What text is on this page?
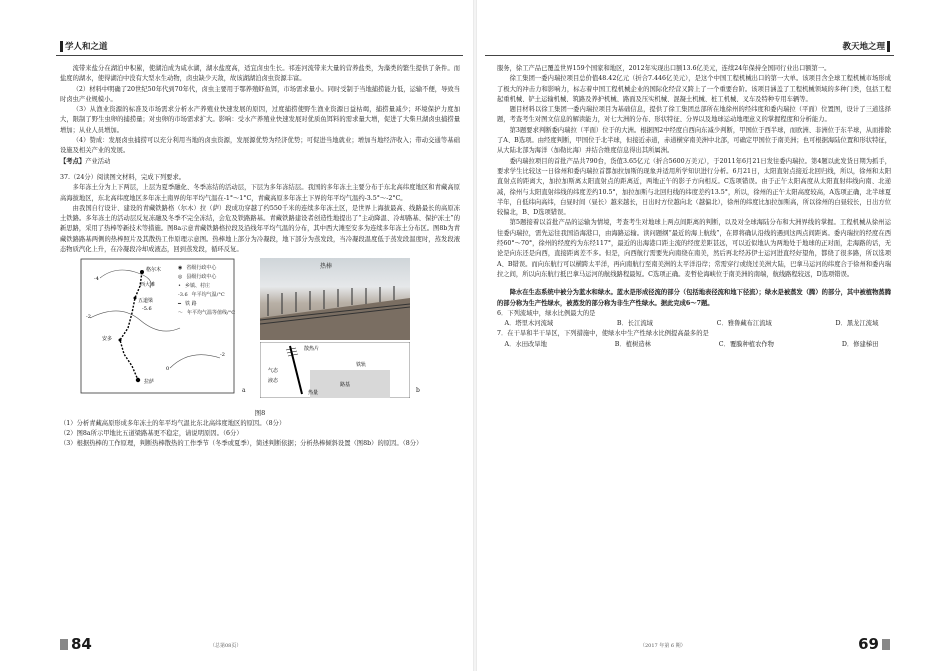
学人和之道

流带来盐分在湖泊中积累，使湖泊成为咸水湖，湖水盐度高，适宜卤虫生长。祁连河流带来大量的营养盐类，为藻类的繁生提供了条件。而盐度的湖水，使得湖泊中没有大型水生动物，卤虫缺少天敌，故该湖湖泊卤虫资源丰富。

（2）材料中明确了20世纪50年代到70年代，卤虫主要用于鄂养殖虾鱼饵，市场需求量小。同时受制于当地捕捞能力低，运输不便，导致当时卤虫产业规模小。

（3）从渔业资源的标准及市场需求分析水产养殖业快速发展的原因，过度捕捞使野生渔业资源日益枯竭，捕捞量减少；环境保护力度加大，限制了野生虫卵的捕捞量；对虫卵的市场需求扩大。影响：受水产养殖业快速发展对优质鱼饵料的需求量大增，促进了大柴旦湖卤虫捕捞量增加；从业人员增加。

（4）赞成：发展卤虫捕捞可以充分利用当地的卤虫资源，发展源优势为经济优势；可促进当地就业；增加当地经济收入；带动交通等基础设施及相关产业的发展。

【考点】产业活动

37.（24分）阅读图文材料，完成下列要求。

多年冻土分为上下两层，上层为夏季融化、冬季冻结的活动层，下层为多年冻结层。我国的多年冻土主要分布于东北高纬度地区和青藏高原高海拔地区，东北高纬度地区多年冻土南界的年平均气温在-1°～1°C，青藏高原多年冻土下界的年平均气温约-3.5°～-2°C。

由我国自行设计、建设的青藏铁路格（尔木）拉（萨）段成功穿越了约550千米的连续多年冻土区，是世界上海拔最高、线路最长的高原冻土铁路。多年冻土的活动层反复冻融及冬季不完全冻结，会危及铁路路基。青藏铁路建设者创造性地提出了“主动降温、冷却路基、保护冻土”的新思路，采用了热棒等新技术等措施。图8a示意青藏铁路格拉段及沿线年平均气温的分布，其中西大滩至安多为连续多年冻土分布区。图8b为青藏铁路路基两侧的热棒照片及其散热工作原理示意图。热棒地上部分为冷凝段，地下部分为蒸发段，当冷凝段温度低于蒸发段温度时，蒸发段液态物质汽化上升，在冷凝段冷却成液态，回到蒸发段，循环反复。

格尔木
西大滩
安多
拉萨
五道梁
-5.6
-4
-2
0
-2
◉ 省级行政中心
◎ 县级行政中心
• 乡镇、村庄
-3.6 年平均气温/°C
━ 铁 路
〜 年平均气温等值线/°C
a
热棒
散热片
铁轨
路基
气态
液态
热量	b
图8

（1）分析青藏高原形成多年冻土的年平均气温比东北高纬度地区的原因。（8分）

（2）图8a所示甲地比五道梁路基更不稳定，请说明原因。（6分）

（3）根据热棒的工作原理，判断热棒散热的工作季节（冬季或夏季），简述判断依据；分析热棒倾斜设置（图8b）的原因。（8分）

84	（总第08页）
教天地之理

服务，徐工产品已覆盖世界159个国家和地区，2012年实现出口额13.6亿美元，连续24年保持全国同行业出口额第一。

徐工集团一委内瑞拉项目总价值48.42亿元（折合7.446亿美元），是这个中国工程机械出口的第一大单。该项目含全球工程机械市场形成了极大的冲击力和影响力，标志着中国工程机械企业的国际化经营又跨上了一个重要台阶。该项目涵盖了工程机械领域的多种门类，包括工程起重机械、铲土运输机械、筑路及养护机械、路面及压实机械、混凝土机械、桩工机械、叉车及特种专用车辆等。

题目材料以徐工集团一委内瑞拉项目为基础信息，提供了徐工集团总部所在地徐州的经纬度和委内瑞拉（平面）位置图，设计了三道选择题，考查考生对图文信息的解读能力，对七大洲的分布、形状特征、分界以及地球运动地理意义的掌握程度和分析能力。

第3题要求判断委内瑞拉（平面）位于的大洲。根据图2中经度自西向东减少判断，甲国位于西半球，而欧洲、非洲位于东半球，从而排除了A、B选项。由经度判断，甲国位于北半球，但接近赤道，赤道横穿南美洲中北部，可确定甲国位于南美洲；也可根据海陆位置和形状特征，从大陆北部为海洋（加勒比海）并结合维度信息得出其所属洲。

委内瑞拉项目的首批产品共790台，货值3.65亿元（折合5600万美元），于2011年6月21日发往委内瑞拉。第4题以此发货日期为抓手，要求学生比较这一日徐州和委内瑞拉首都加拉加斯的现象并适用所学知识进行分析。6月21日，太阳直射点接近北回归线，所以，徐州和太阳直射点的距离大，加拉加斯离太阳直射点的距离近，两地正午的影子方向相反。C选项错误。由于正午太阳高度从太阳直射纬线向南、北递减，徐州与太阳直射纬线的纬度差约10.5°，加拉加斯与北回归线的纬度差约13.5°，所以，徐州的正午太阳高度较高，A选项正确，北半球夏半年，自低纬向高纬，白昼时间（昼长）越来越长，日出时方位越向北（越偏北），徐州的纬度比加拉加斯高，所以徐州的白昼较长，日出方位较偏北，B、D选项错误。

第5题接着以首批产品的运输为情境，考查考生对地球上两点间距离的判断，以及对全球海陆分布和大洲界线的掌握。工程机械从徐州运往委内瑞拉，需先运往我国沿海港口，由海路运输。读问题纲“最近的海上航线”，在即将确认沿线的遇到这两点间距离。委内瑞拉的经度在西经60°～70°，徐州的经度约为东经117°，最近的出海港口距主流的经度差距甚远，可以近似地认为两地处于地球的正对面，走海路的话，无论是向东还是向西，直接距离差不多。但是，向西航行需要先向南绕在南美，然后再北经苏伊士运河进直经好望角，都绕了很多路，所以选项A、B错误。而向东航行可以横跨太平洋，再向南航行至南美洲的太平洋沿岸；常需穿行或绕过美洲大陆，巴拿马运河的纬度合于徐州和委内瑞拉之间，所以向东航行抵巴拿马运河的航线路程最短。C选项正确。麦哲伦海峡位于南美洲的南端，航线路程较远，D选项错误。

降水在生态系统中被分为蓝水和绿水。蓝水是形成径流的部分（包括地表径流和地下径流）；绿水是被蒸发（腾）的部分，其中被植物蒸腾的部分称为生产性绿水，被蒸发的部分称为非生产性绿水。据此完成6～7题。

6．下列流域中，绿水比例最大的是

A．塔里木河流域	B．长江流域	C．雅鲁藏布江流域	D．黑龙江流域

7．在干旱和半干旱区，下列措施中，使绿水中生产性绿水比例提高最多的是

A．水田改旱地	B．植树造林	C．覆膜种植农作物	D．修建梯田
69
（2017 年第 6 期）
